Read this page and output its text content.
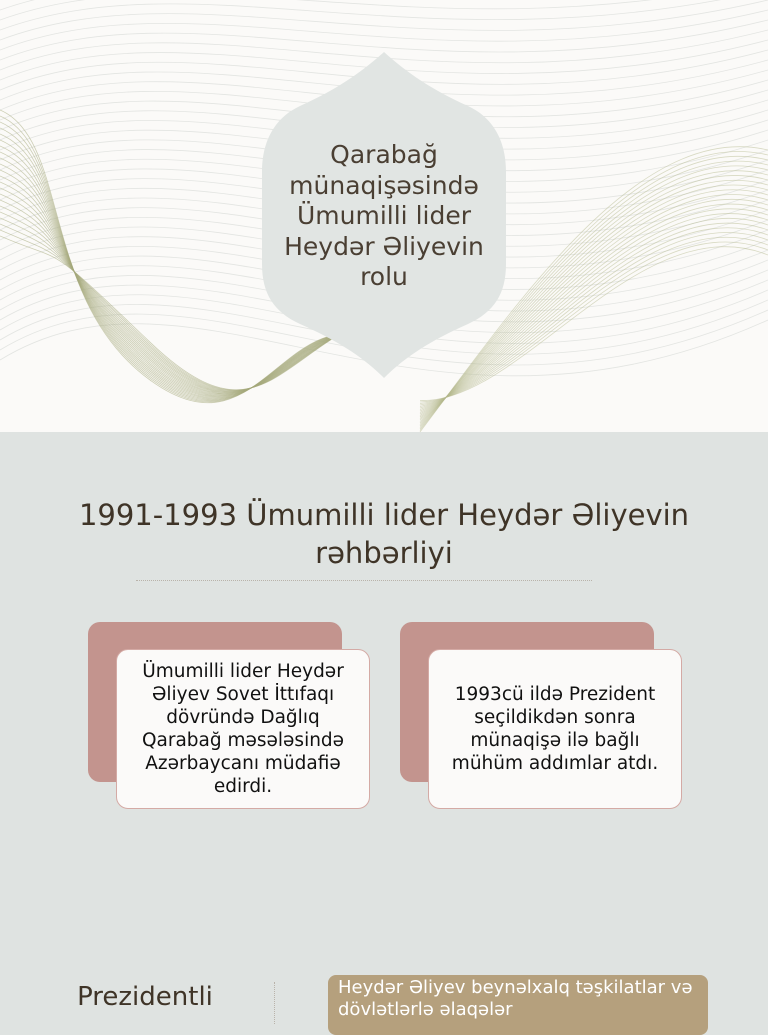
Qarabağ münaqişəsində Ümumilli lider Heydər Əliyevin rolu
1991-1993 Ümumilli lider Heydər Əliyevin rəhbərliyi
Ümumilli lider Heydər Əliyev Sovet İttıfaqı dövründə Dağlıq Qarabağ məsələsində Azərbaycanı müdafiə edirdi.
1993cü ildə Prezident seçildikdən sonra münaqişə ilə bağlı mühüm addımlar atdı.
Prezidentli	Heydər Əliyev beynəlxalq təşkilatlar və dövlətlərlə əlaqələr
